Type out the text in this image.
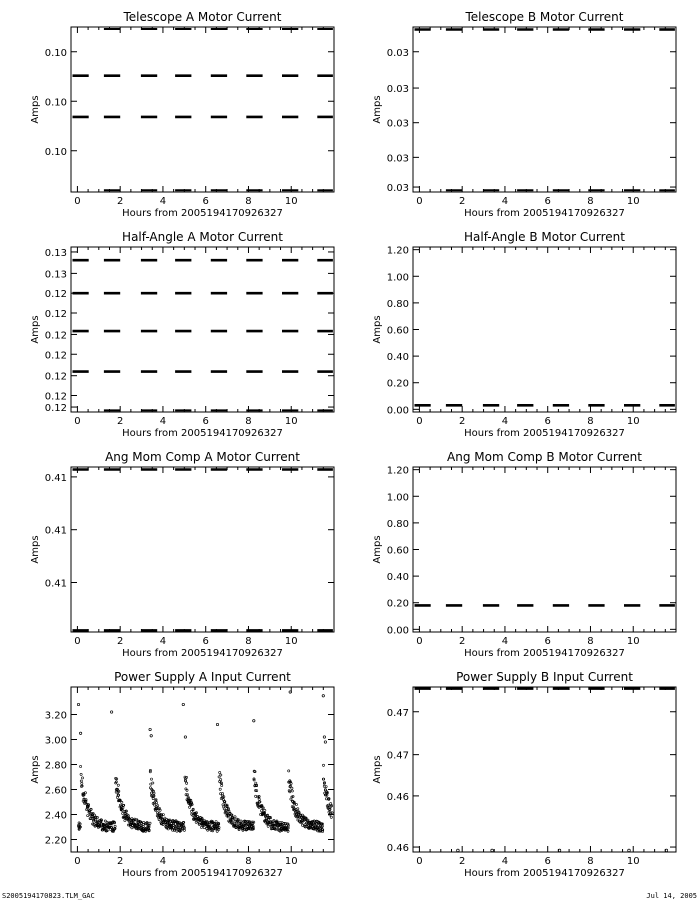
Telescope A Motor Current
0	2	4	6	8	10
0.10
0.10
0.10
Hours from 2005194170926327
Amps
Telescope B Motor Current
0	2	4	6	8	10
0.03
0.03
0.03
0.03
0.03
Hours from 2005194170926327
Amps
Half-Angle A Motor Current
0	2	4	6	8	10
0.13
0.13
0.12
0.12
0.12
0.12
0.12
0.12
0.12
Hours from 2005194170926327
Amps
Half-Angle B Motor Current
0	2	4	6	8	10
0.00
0.20
0.40
0.60
0.80
1.00
1.20
Hours from 2005194170926327
Amps
Ang Mom Comp A Motor Current
0	2	4	6	8	10
0.41
0.41
0.41
Hours from 2005194170926327
Amps
Ang Mom Comp B Motor Current
0	2	4	6	8	10
0.00
0.20
0.40
0.60
0.80
1.00
1.20
Hours from 2005194170926327
Amps
Power Supply A Input Current
0	2	4	6	8	10
2.20
2.40
2.60
2.80
3.00
3.20
Hours from 2005194170926327
Amps
Power Supply B Input Current
0	2	4	6	8	10
0.47
0.47
0.46
0.46
Hours from 2005194170926327
Amps
S2005194170823.TLM_GAC	Jul 14, 2005
